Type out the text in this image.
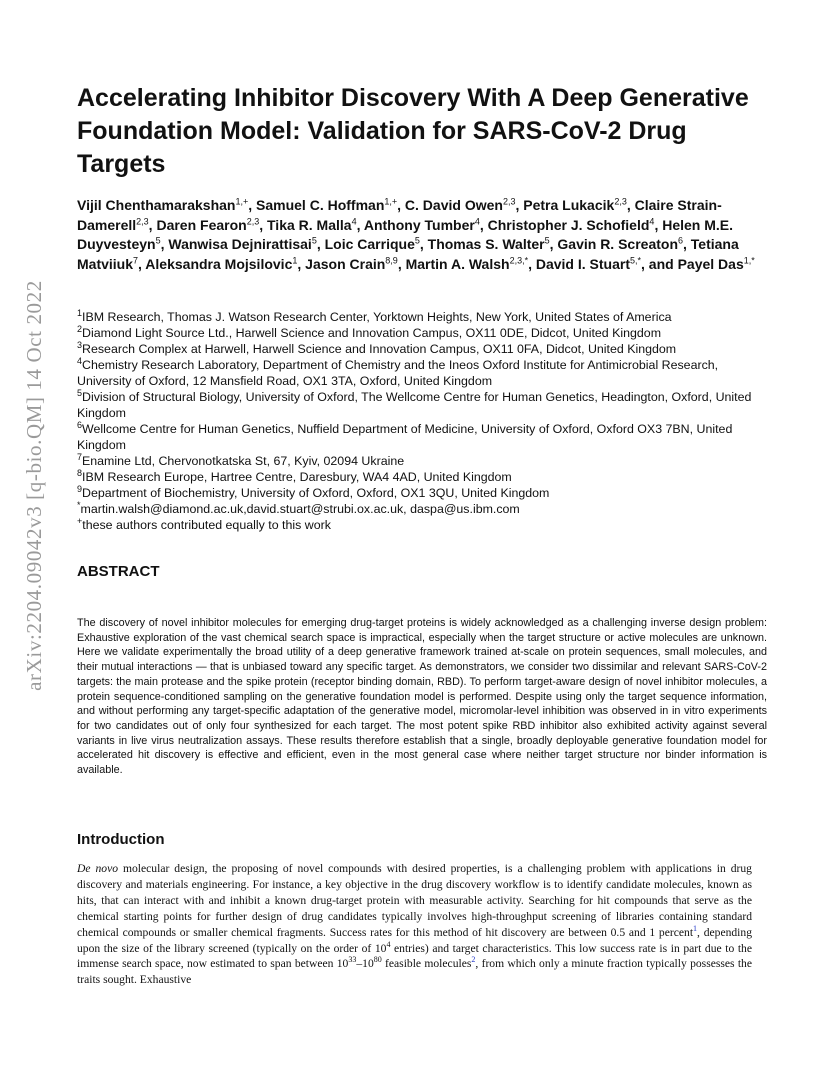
arXiv:2204.09042v3 [q-bio.QM] 14 Oct 2022
Accelerating Inhibitor Discovery With A Deep Generative Foundation Model: Validation for SARS-CoV-2 Drug Targets

Vijil Chenthamarakshan$^{1,+}$, Samuel C. Hoffman$^{1,+}$, C. David Owen$^{2,3}$, Petra Lukacik$^{2,3}$, Claire Strain-Damerell$^{2,3}$, Daren Fearon$^{2,3}$, Tika R. Malla$^4$, Anthony Tumber$^4$, Christopher J. Schofield$^4$, Helen M.E. Duyvesteyn$^5$, Wanwisa Dejnirattisai$^5$, Loic Carrique$^5$, Thomas S. Walter$^5$, Gavin R. Screaton$^6$, Tetiana Matviiuk$^7$, Aleksandra Mojsilovic$^1$, Jason Crain$^{8,9}$, Martin A. Walsh$^{2,3,*}$, David I. Stuart$^{5,*}$, and Payel Das$^{1,*}$

$^1$IBM Research, Thomas J. Watson Research Center, Yorktown Heights, New York, United States of America

$^2$Diamond Light Source Ltd., Harwell Science and Innovation Campus, OX11 0DE, Didcot, United Kingdom

$^3$Research Complex at Harwell, Harwell Science and Innovation Campus, OX11 0FA, Didcot, United Kingdom

$^4$Chemistry Research Laboratory, Department of Chemistry and the Ineos Oxford Institute for Antimicrobial Research, University of Oxford, 12 Mansfield Road, OX1 3TA, Oxford, United Kingdom

$^5$Division of Structural Biology, University of Oxford, The Wellcome Centre for Human Genetics, Headington, Oxford, United Kingdom

$^6$Wellcome Centre for Human Genetics, Nuffield Department of Medicine, University of Oxford, Oxford OX3 7BN, United Kingdom

$^7$Enamine Ltd, Chervonotkatska St, 67, Kyiv, 02094 Ukraine

$^8$IBM Research Europe, Hartree Centre, Daresbury, WA4 4AD, United Kingdom

$^9$Department of Biochemistry, University of Oxford, Oxford, OX1 3QU, United Kingdom

*martin.walsh@diamond.ac.uk,david.stuart@strubi.ox.ac.uk, daspa@us.ibm.com

+these authors contributed equally to this work

ABSTRACT

The discovery of novel inhibitor molecules for emerging drug-target proteins is widely acknowledged as a challenging inverse design problem: Exhaustive exploration of the vast chemical search space is impractical, especially when the target structure or active molecules are unknown. Here we validate experimentally the broad utility of a deep generative framework trained at-scale on protein sequences, small molecules, and their mutual interactions — that is unbiased toward any specific target. As demonstrators, we consider two dissimilar and relevant SARS-CoV-2 targets: the main protease and the spike protein (receptor binding domain, RBD). To perform target-aware design of novel inhibitor molecules, a protein sequence-conditioned sampling on the generative foundation model is performed. Despite using only the target sequence information, and without performing any target-specific adaptation of the generative model, micromolar-level inhibition was observed in in vitro experiments for two candidates out of only four synthesized for each target. The most potent spike RBD inhibitor also exhibited activity against several variants in live virus neutralization assays. These results therefore establish that a single, broadly deployable generative foundation model for accelerated hit discovery is effective and efficient, even in the most general case where neither target structure nor binder information is available.

Introduction

De novo molecular design, the proposing of novel compounds with desired properties, is a challenging problem with applications in drug discovery and materials engineering. For instance, a key objective in the drug discovery workflow is to identify candidate molecules, known as hits, that can interact with and inhibit a known drug-target protein with measurable activity. Searching for hit compounds that serve as the chemical starting points for further design of drug candidates typically involves high-throughput screening of libraries containing standard chemical compounds or smaller chemical fragments. Success rates for this method of hit discovery are between 0.5 and 1 percent$^1$, depending upon the size of the library screened (typically on the order of $10^4$ entries) and target characteristics. This low success rate is in part due to the immense search space, now estimated to span between $10^{33}-10^{80}$ feasible molecules$^2$, from which only a minute fraction typically possesses the traits sought. Exhaustive
